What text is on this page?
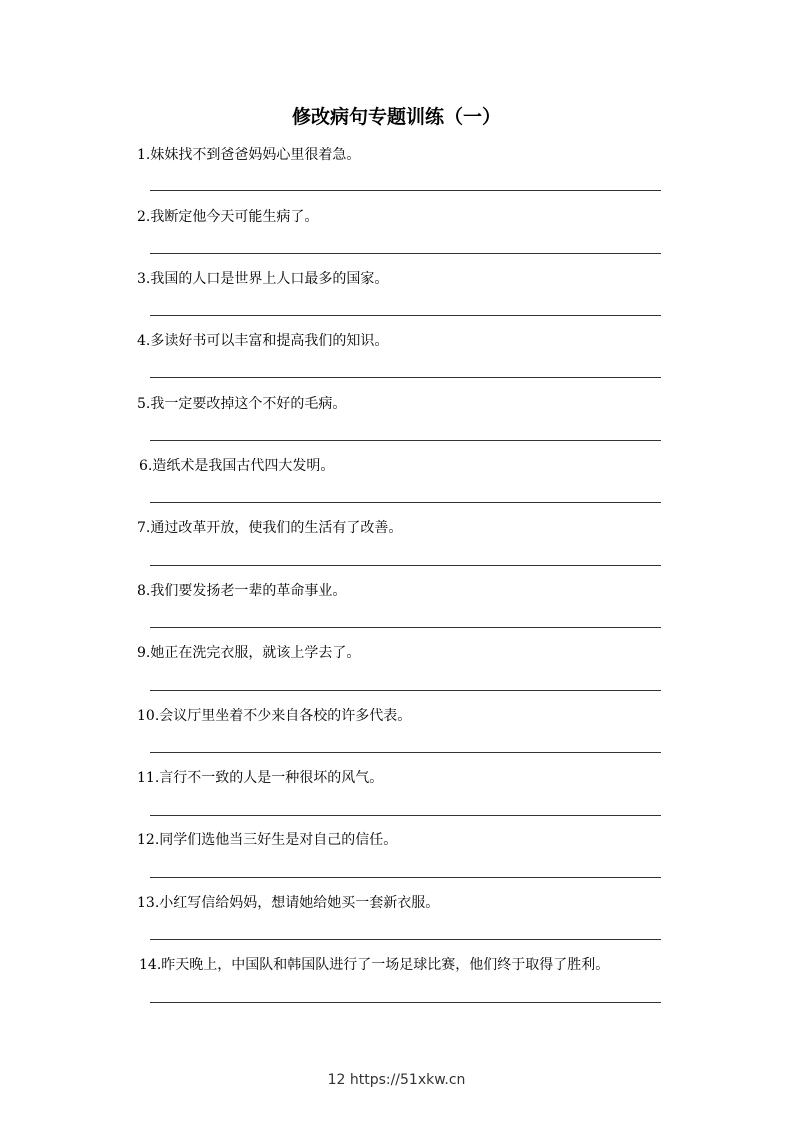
修改病句专题训练（一）
1.妹妹找不到爸爸妈妈心里很着急。
2.我断定他今天可能生病了。
3.我国的人口是世界上人口最多的国家。
4.多读好书可以丰富和提高我们的知识。
5.我一定要改掉这个不好的毛病。
6.造纸术是我国古代四大发明。
7.通过改革开放，使我们的生活有了改善。
8.我们要发扬老一辈的革命事业。
9.她正在洗完衣服，就该上学去了。
10.会议厅里坐着不少来自各校的许多代表。
11.言行不一致的人是一种很坏的风气。
12.同学们选他当三好生是对自己的信任。
13.小红写信给妈妈，想请她给她买一套新衣服。
14.昨天晚上，中国队和韩国队进行了一场足球比赛，他们终于取得了胜利。
12 https://51xkw.cn
